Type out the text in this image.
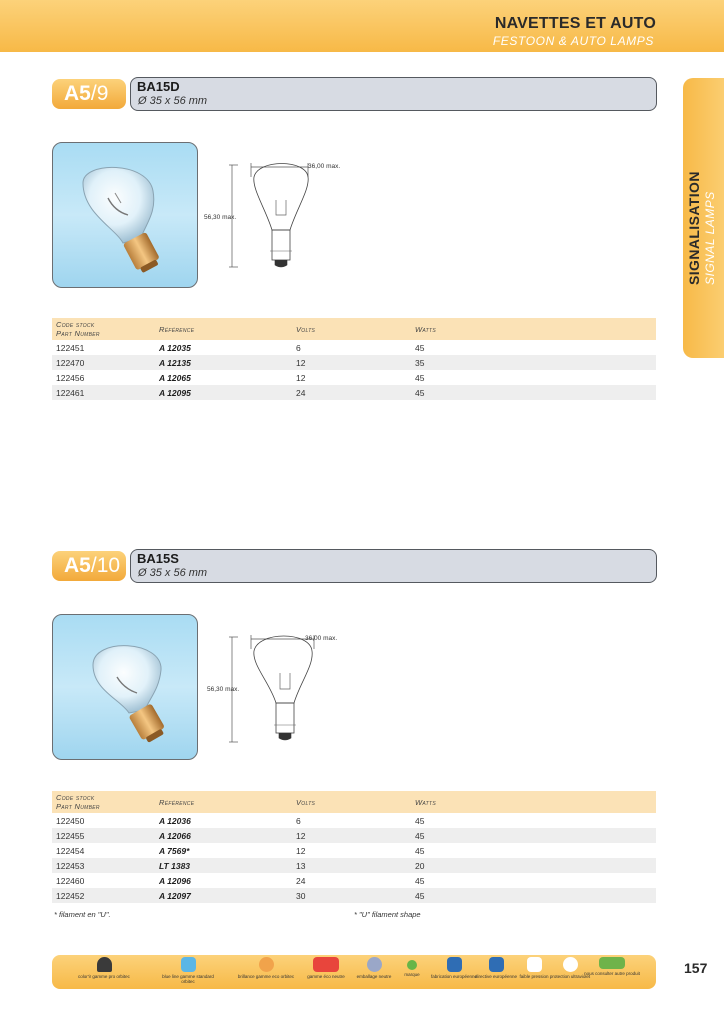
NAVETTES ET AUTO
FESTOON & AUTO LAMPS
SIGNALISATION SIGNAL LAMPS
A5/9	BA15D
Ø 35 x 56 mm
36,00 max.
56,30 max.
Code stock
Part Number	Référence	Volts	Watts
122451	A 12035	6	45
122470	A 12135	12	35
122456	A 12065	12	45
122461	A 12095	24	45
A5/10	BA15S
Ø 35 x 56 mm
36,00 max.
56,30 max.
Code stock
Part Number	Référence	Volts	Watts
122450	A 12036	6	45
122455	A 12066	12	45
122454	A 7569*	12	45
122453	LT 1383	13	20
122460	A 12096	24	45
122452	A 12097	30	45
* filament en "U".	* "U" filament shape
color'ir gamme pro orbitec	blue line gamme standard orbitec
brillance gamme eco orbitec	gamme éco neutre	emballage neutre	marque	fabrication européenne
directive européenne faible pression protection ultraviolet
nous consulter autre produit	157
